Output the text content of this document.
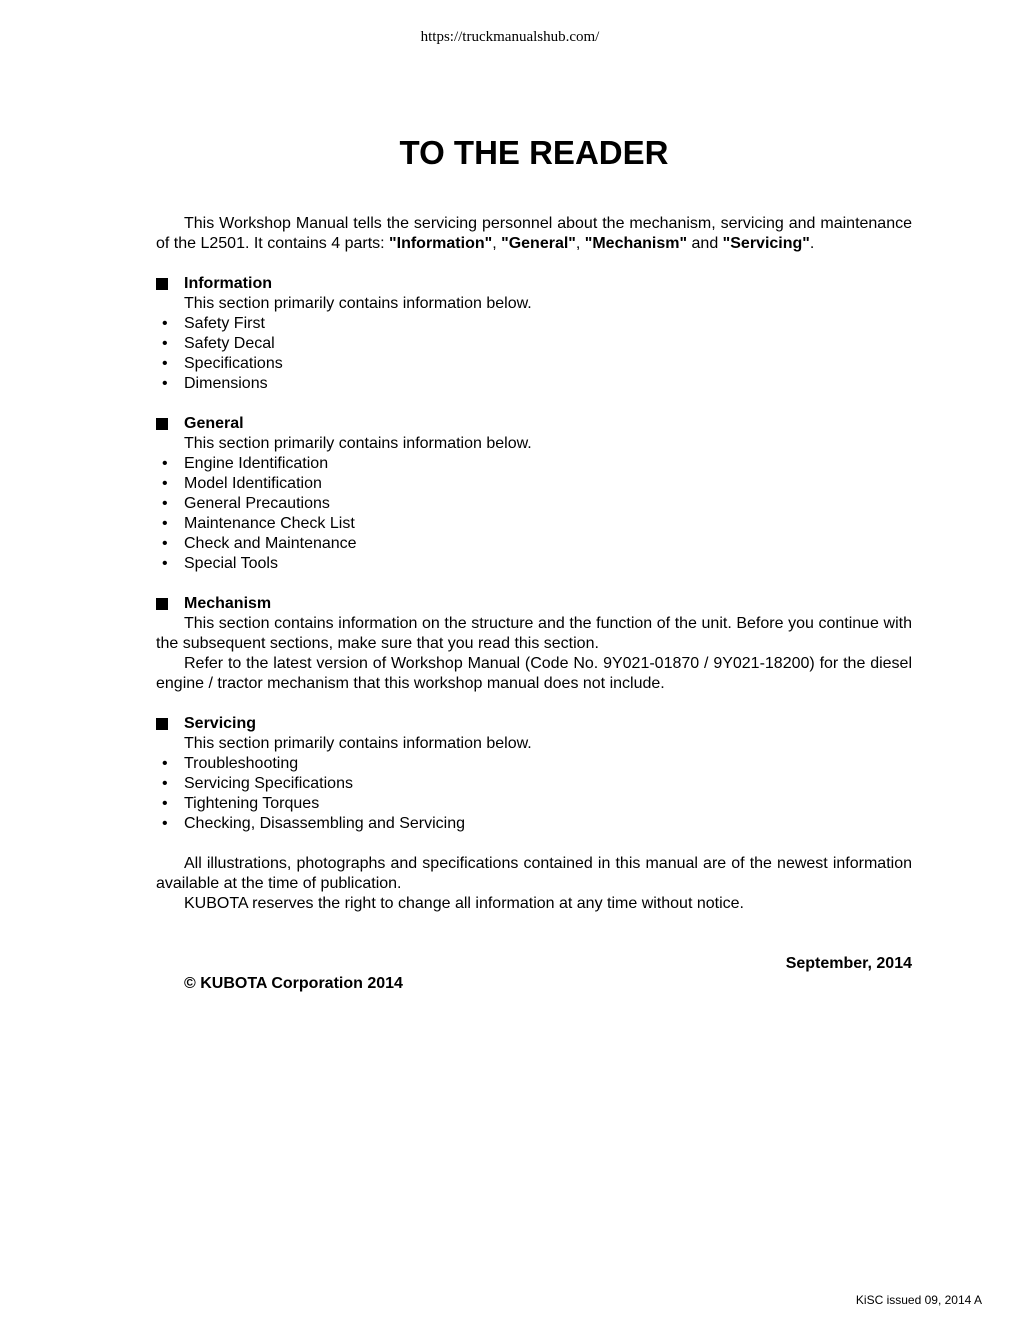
https://truckmanualshub.com/
TO THE READER

This Workshop Manual tells the servicing personnel about the mechanism, servicing and maintenance of the L2501. It contains 4 parts: "Information", "General", "Mechanism" and "Servicing".

Information

This section primarily contains information below.

• Safety First
• Safety Decal
• Specifications
• Dimensions
General

This section primarily contains information below.

• Engine Identification
• Model Identification
• General Precautions
• Maintenance Check List
• Check and Maintenance
• Special Tools
Mechanism

This section contains information on the structure and the function of the unit. Before you continue with the subsequent sections, make sure that you read this section.

Refer to the latest version of Workshop Manual (Code No. 9Y021-01870 / 9Y021-18200) for the diesel engine / tractor mechanism that this workshop manual does not include.

Servicing

This section primarily contains information below.

• Troubleshooting
• Servicing Specifications
• Tightening Torques
• Checking, Disassembling and Servicing

All illustrations, photographs and specifications contained in this manual are of the newest information available at the time of publication.

KUBOTA reserves the right to change all information at any time without notice.

September, 2014

© KUBOTA Corporation 2014

KiSC issued 09, 2014 A
